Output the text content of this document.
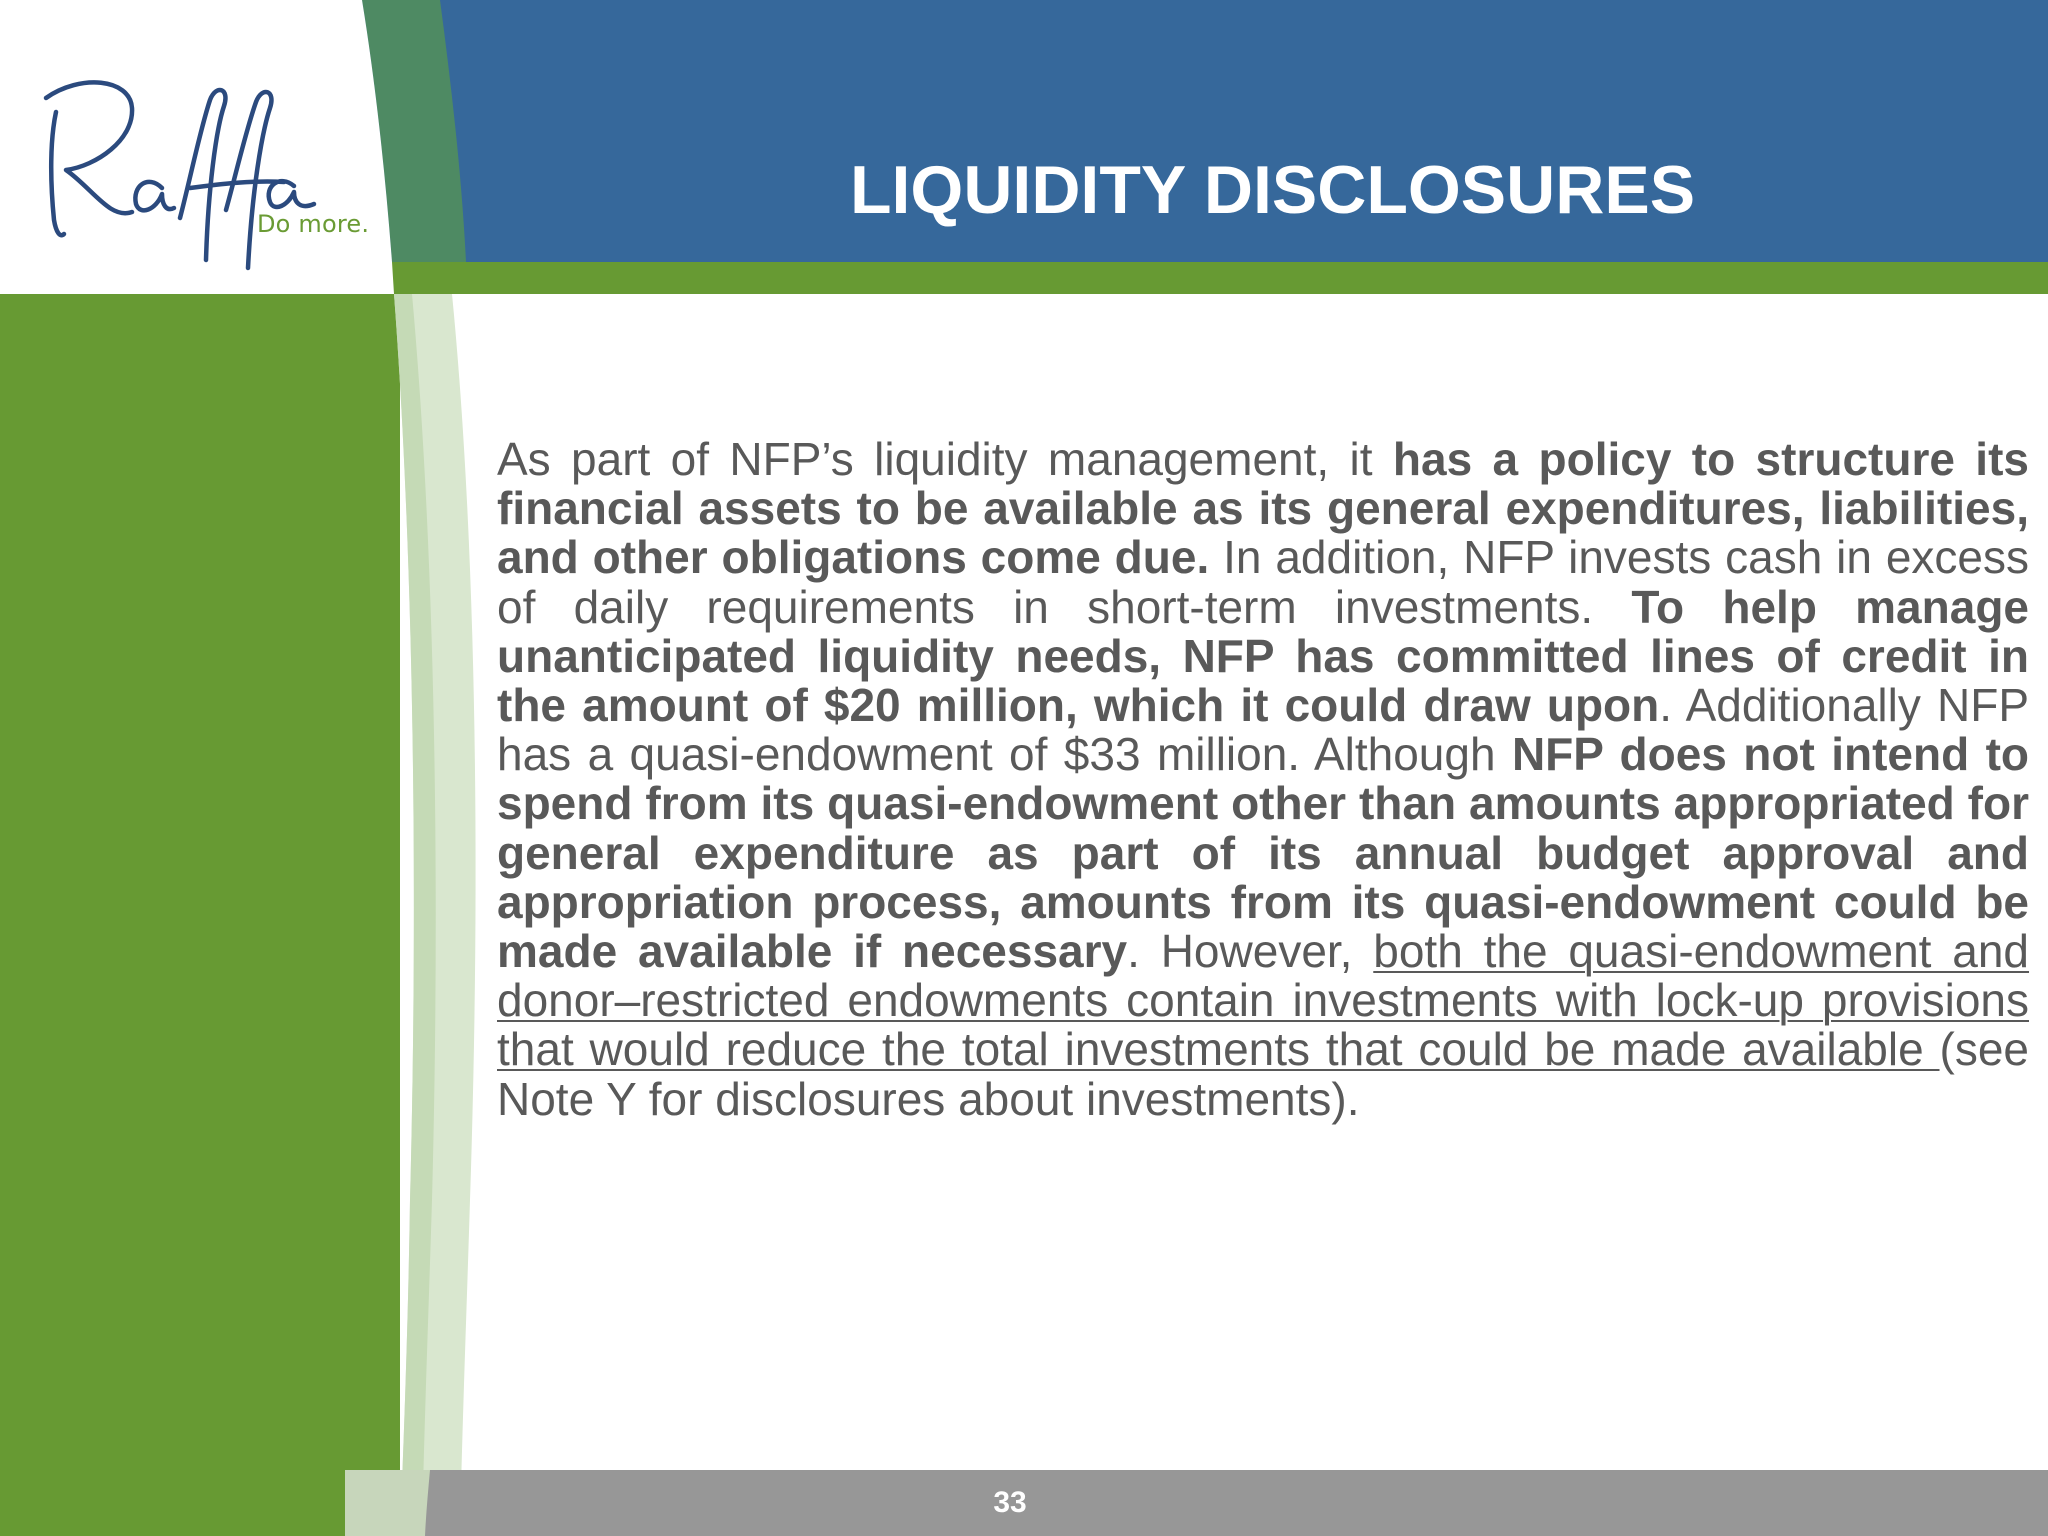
Do more.	LIQUIDITY DISCLOSURES

As part of NFP’s liquidity management, it has a policy to structure its financial assets to be available as its general expenditures, liabilities, and other obligations come due. In addition, NFP invests cash in excess of daily requirements in short-term investments. To help manage unanticipated liquidity needs, NFP has committed lines of credit in the amount of $20 million, which it could draw upon. Additionally NFP has a quasi-endowment of $33 million. Although NFP does not intend to spend from its quasi-endowment other than amounts appropriated for general expenditure as part of its annual budget approval and appropriation process, amounts from its quasi-endowment could be made available if necessary. However, both the quasi-endowment and donor–restricted endowments contain investments with lock-up provisions that would reduce the total investments that could be made available (see Note Y for disclosures about investments).

33
